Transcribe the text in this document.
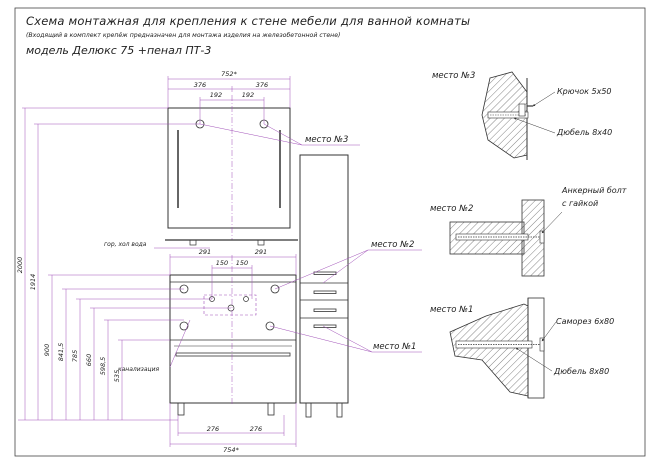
Схема монтажная для крепления к стене мебели для ванной комнаты
(Входящий в комплект крепёж предназначен для монтажа изделия на железобетонной стене)
модель Делюкс 75 +пенал ПТ-3
752*
376	376
192	192
291	291
150 150
276	276
754*
2000
1914
900 841,5 785 660 598,5
535
место №3
место №2
место №1
гор, хол вода
канализация
место №3
Крючок 5х50
Дюбель 8х40
место №2
Анкерный болт
с гайкой
место №1
Саморез 6х80
Дюбель 8х80
